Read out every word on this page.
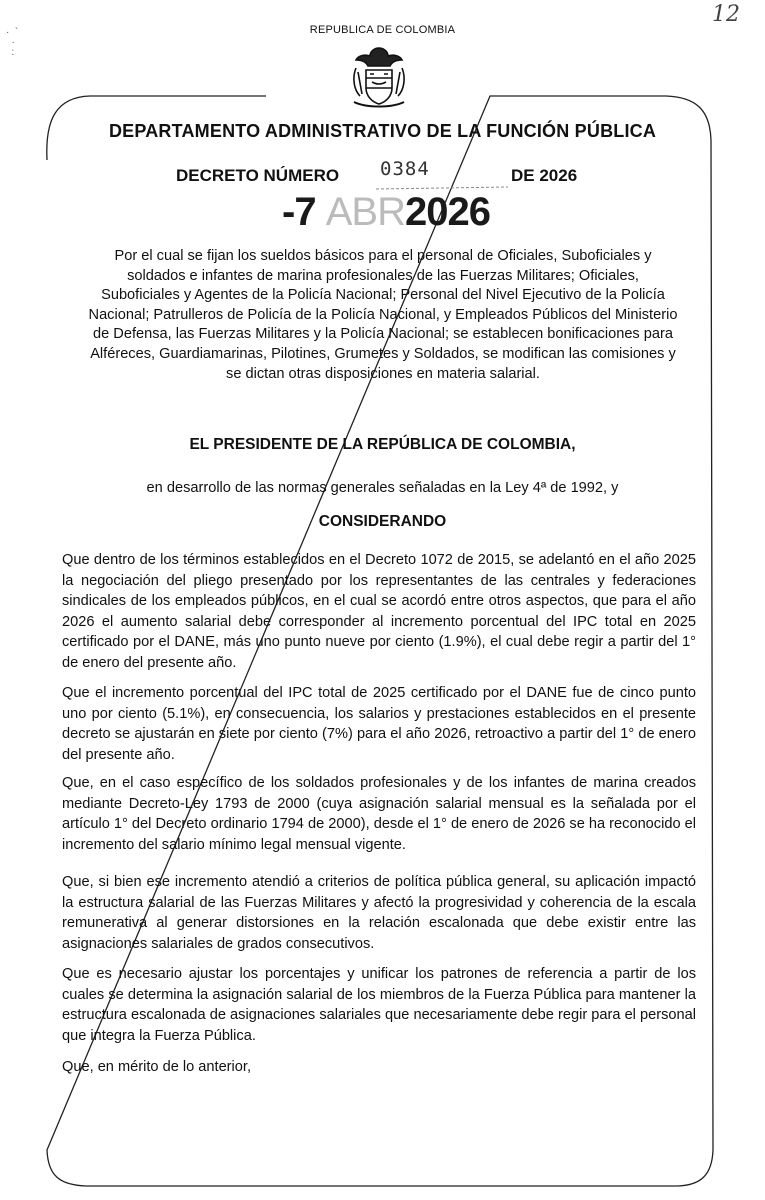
·  `
·
:
12
REPUBLICA DE COLOMBIA
DEPARTAMENTO ADMINISTRATIVO DE LA FUNCIÓN PÚBLICA
DECRETO NÚMERO 0384	DE 2026
-7 ABR2026
Por el cual se fijan los sueldos básicos para el personal de Oficiales, Suboficiales y soldados e infantes de marina profesionales de las Fuerzas Militares; Oficiales, Suboficiales y Agentes de la Policía Nacional; Personal del Nivel Ejecutivo de la Policía Nacional; Patrulleros de Policía de la Policía Nacional, y Empleados Públicos del Ministerio de Defensa, las Fuerzas Militares y la Policía Nacional; se establecen bonificaciones para Alféreces, Guardiamarinas, Pilotines, Grumetes y Soldados, se modifican las comisiones y se dictan otras disposiciones en materia salarial.
EL PRESIDENTE DE LA REPÚBLICA DE COLOMBIA,
en desarrollo de las normas generales señaladas en la Ley 4ª de 1992, y
CONSIDERANDO
Que dentro de los términos establecidos en el Decreto 1072 de 2015, se adelantó en el año 2025 la negociación del pliego presentado por los representantes de las centrales y federaciones sindicales de los empleados públicos, en el cual se acordó entre otros aspectos, que para el año 2026 el aumento salarial debe corresponder al incremento porcentual del IPC total en 2025 certificado por el DANE, más uno punto nueve por ciento (1.9%), el cual debe regir a partir del 1° de enero del presente año.
Que el incremento porcentual del IPC total de 2025 certificado por el DANE fue de cinco punto uno por ciento (5.1%), en consecuencia, los salarios y prestaciones establecidos en el presente decreto se ajustarán en siete por ciento (7%) para el año 2026, retroactivo a partir del 1° de enero del presente año.
Que, en el caso específico de los soldados profesionales y de los infantes de marina creados mediante Decreto-Ley 1793 de 2000 (cuya asignación salarial mensual es la señalada por el artículo 1° del Decreto ordinario 1794 de 2000), desde el 1° de enero de 2026 se ha reconocido el incremento del salario mínimo legal mensual vigente.
Que, si bien ese incremento atendió a criterios de política pública general, su aplicación impactó la estructura salarial de las Fuerzas Militares y afectó la progresividad y coherencia de la escala remunerativa al generar distorsiones en la relación escalonada que debe existir entre las asignaciones salariales de grados consecutivos.
Que es necesario ajustar los porcentajes y unificar los patrones de referencia a partir de los cuales se determina la asignación salarial de los miembros de la Fuerza Pública para mantener la estructura escalonada de asignaciones salariales que necesariamente debe regir para el personal que integra la Fuerza Pública.
Que, en mérito de lo anterior,
